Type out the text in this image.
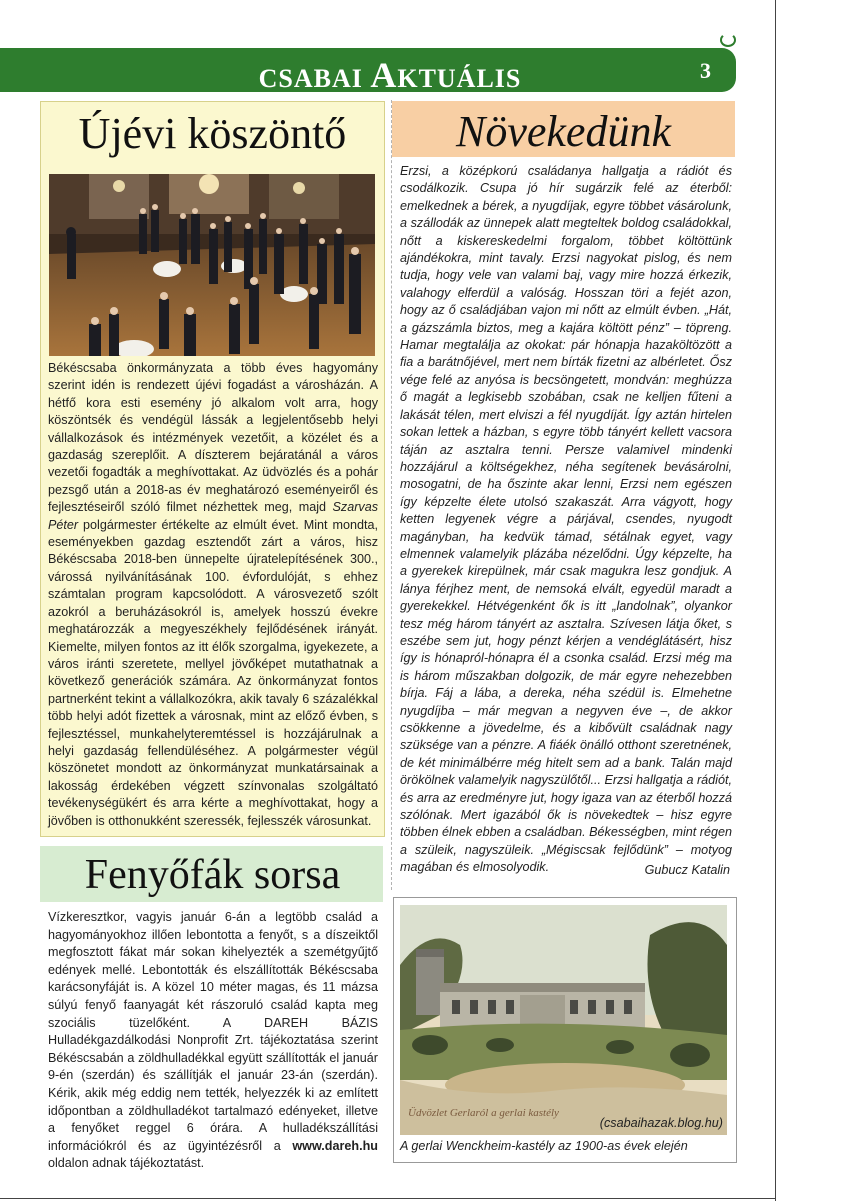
CSABAI AKTUÁLIS	3
Újévi köszöntő
Békéscsaba önkormányzata a több éves hagyomány szerint idén is rendezett újévi fogadást a városházán. A hétfő kora esti esemény jó alkalom volt arra, hogy köszöntsék és vendégül lássák a legjelentősebb helyi vállalkozások és intézmények vezetőit, a közélet és a gazdaság szereplőit. A díszterem bejáratánál a város vezetői fogadták a meghívottakat. Az üdvözlés és a pohár pezsgő után a 2018-as év meghatározó eseményeiről és fejlesztéseiről szóló filmet nézhettek meg, majd Szarvas Péter polgármester értékelte az elmúlt évet. Mint mondta, eseményekben gazdag esztendőt zárt a város, hisz Békéscsaba 2018-ben ünnepelte újratelepítésének 300., várossá nyilvánításának 100. évfordulóját, s ehhez számtalan program kapcsolódott. A városvezető szólt azokról a beruházásokról is, amelyek hosszú évekre meghatározzák a megyeszékhely fejlődésének irányát. Kiemelte, milyen fontos az itt élők szorgalma, igyekezete, a város iránti szeretete, mellyel jövőképet mutathatnak a következő generációk számára. Az önkormányzat fontos partnerként tekint a vállalkozókra, akik tavaly 6 százalékkal több helyi adót fizettek a városnak, mint az előző évben, s fejlesztéssel, munkahelyteremtéssel is hozzájárulnak a helyi gazdaság fellendüléséhez. A polgármester végül köszönetet mondott az önkormányzat munkatársainak a lakosság érdekében végzett színvonalas szolgáltató tevékenységükért és arra kérte a meghívottakat, hogy a jövőben is otthonukként szeressék, fejlesszék városunkat.
Növekedünk
Erzsi, a középkorú családanya hallgatja a rádiót és csodálkozik. Csupa jó hír sugárzik felé az éterből: emelkednek a bérek, a nyugdíjak, egyre többet vásárolunk, a szállodák az ünnepek alatt megteltek boldog családokkal, nőtt a kiskereskedelmi forgalom, többet költöttünk ajándékokra, mint tavaly. Erzsi nagyokat pislog, és nem tudja, hogy vele van valami baj, vagy mire hozzá érkezik, valahogy elferdül a valóság. Hosszan töri a fejét azon, hogy az ő családjában vajon mi nőtt az elmúlt évben. „Hát, a gázszámla biztos, meg a kajára költött pénz” – töpreng. Hamar megtalálja az okokat: pár hónapja hazaköltözött a fia a barátnőjével, mert nem bírták fizetni az albérletet. Ősz vége felé az anyósa is becsöngetett, mondván: meghúzza ő magát a legkisebb szobában, csak ne kelljen fűteni a lakását télen, mert elviszi a fél nyugdíját. Így aztán hirtelen sokan lettek a házban, s egyre több tányért kellett vacsora táján az asztalra tenni. Persze valamivel mindenki hozzájárul a költségekhez, néha segítenek bevásárolni, mosogatni, de ha őszinte akar lenni, Erzsi nem egészen így képzelte élete utolsó szakaszát. Arra vágyott, hogy ketten legyenek végre a párjával, csendes, nyugodt magányban, ha kedvük támad, sétálnak egyet, vagy elmennek valamelyik plázába nézelődni. Úgy képzelte, ha a gyerekek kirepülnek, már csak magukra lesz gondjuk. A lánya férjhez ment, de nemsoká elvált, egyedül maradt a gyerekekkel. Hétvégenként ők is itt „landolnak”, olyankor tesz még három tányért az asztalra. Szívesen látja őket, s eszébe sem jut, hogy pénzt kérjen a vendéglátásért, hisz így is hónapról-hónapra él a csonka család. Erzsi még ma is három műszakban dolgozik, de már egyre nehezebben bírja. Fáj a lába, a dereka, néha szédül is. Elmehetne nyugdíjba – már megvan a negyven éve –, de akkor csökkenne a jövedelme, és a kibővült családnak nagy szüksége van a pénzre. A fiáék önálló otthont szeretnének, de két minimálbérre még hitelt sem ad a bank. Talán majd örökölnek valamelyik nagyszülőtől... Erzsi hallgatja a rádiót, és arra az eredményre jut, hogy igaza van az éterből hozzá szólónak. Mert igazából ők is növekedtek – hisz egyre többen élnek ebben a családban. Békességben, mint régen a szüleik, nagyszüleik. „Mégiscsak fejlődünk” – motyog magában és elmosolyodik.	Gubucz Katalin
Fenyőfák sorsa
Vízkeresztkor, vagyis január 6-án a legtöbb család a hagyományokhoz illően lebontotta a fenyőt, s a díszeiktől megfosztott fákat már sokan kihelyezték a szemétgyűjtő edények mellé. Lebontották és elszállították Békéscsaba karácsonyfáját is. A közel 10 méter magas, és 11 mázsa súlyú fenyő faanyagát két rászoruló család kapta meg szociális tüzelőként. A DAREH BÁZIS Hulladékgazdálkodási Nonprofit Zrt. tájékoztatása szerint Békéscsabán a zöldhulladékkal együtt szállították el január 9-én (szerdán) és szállítják el január 23-án (szerdán). Kérik, akik még eddig nem tették, helyezzék ki az említett időpontban a zöldhulladékot tartalmazó edényeket, illetve a fenyőket reggel 6 órára. A hulladékszállítási információkról és az ügyintézésről a www.dareh.hu oldalon adnak tájékoztatást.
Üdvözlet Gerlaról a gerlai kastély
(csabaihazak.blog.hu)
A gerlai Wenckheim-kastély az 1900-as évek elején
